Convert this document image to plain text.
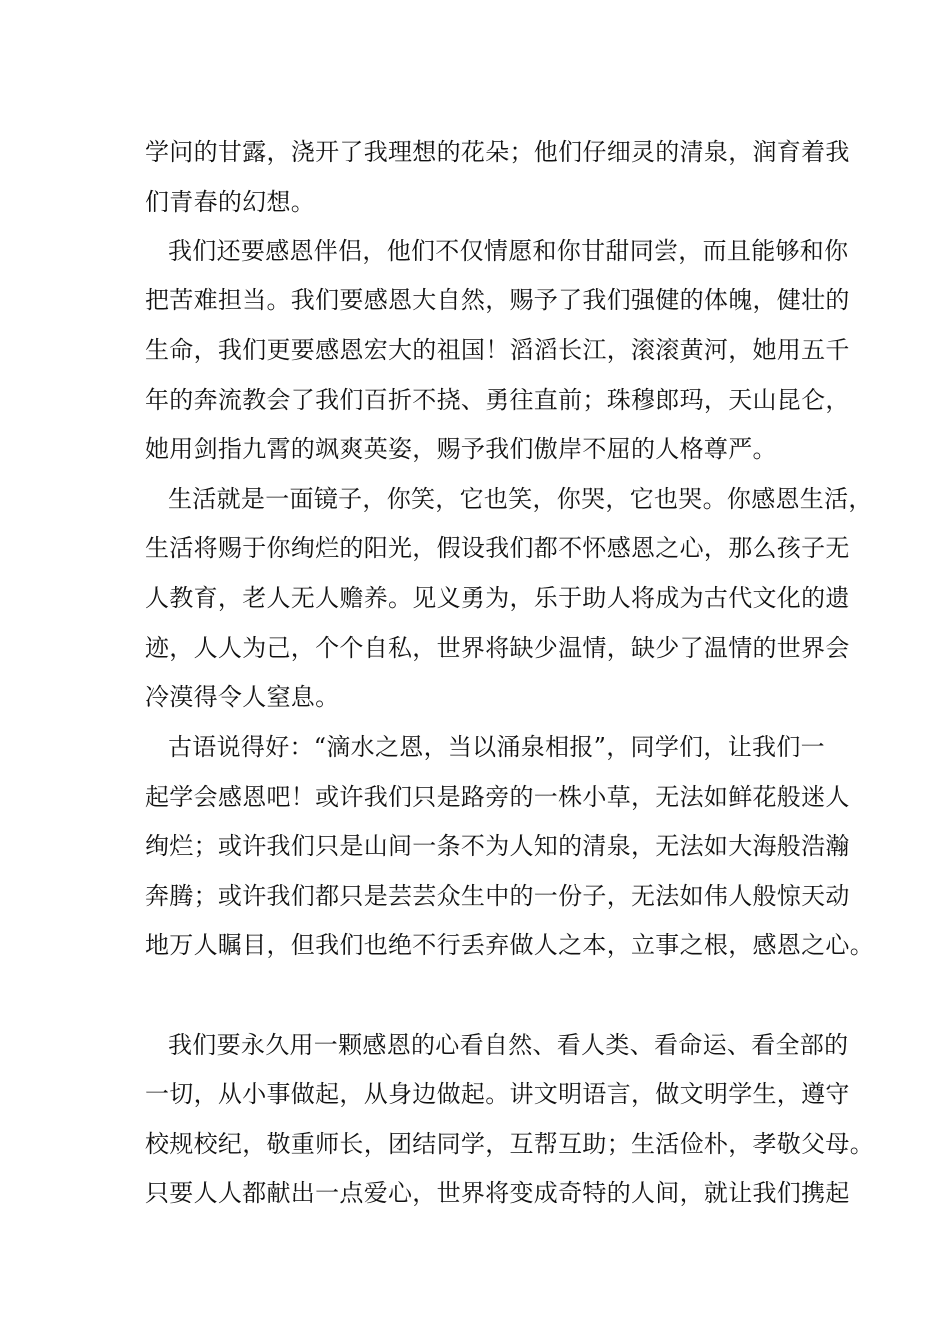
学问的甘露，浇开了我理想的花朵；他们仔细灵的清泉，润育着我
们青春的幻想。
我们还要感恩伴侣，他们不仅情愿和你甘甜同尝，而且能够和你
把苦难担当。我们要感恩大自然，赐予了我们强健的体魄，健壮的
生命，我们更要感恩宏大的祖国！滔滔长江，滚滚黄河，她用五千
年的奔流教会了我们百折不挠、勇往直前；珠穆郎玛，天山昆仑，
她用剑指九霄的飒爽英姿，赐予我们傲岸不屈的人格尊严。
生活就是一面镜子，你笑，它也笑，你哭，它也哭。你感恩生活，
生活将赐于你绚烂的阳光，假设我们都不怀感恩之心，那么孩子无
人教育，老人无人赡养。见义勇为，乐于助人将成为古代文化的遗
迹，人人为己，个个自私，世界将缺少温情，缺少了温情的世界会
冷漠得令人窒息。
古语说得好：“滴水之恩，当以涌泉相报”，同学们，让我们一
起学会感恩吧！或许我们只是路旁的一株小草，无法如鲜花般迷人
绚烂；或许我们只是山间一条不为人知的清泉，无法如大海般浩瀚
奔腾；或许我们都只是芸芸众生中的一份子，无法如伟人般惊天动
地万人瞩目，但我们也绝不行丢弃做人之本，立事之根，感恩之心。
我们要永久用一颗感恩的心看自然、看人类、看命运、看全部的
一切，从小事做起，从身边做起。讲文明语言，做文明学生，遵守
校规校纪，敬重师长，团结同学，互帮互助；生活俭朴，孝敬父母。
只要人人都献出一点爱心，世界将变成奇特的人间，就让我们携起
